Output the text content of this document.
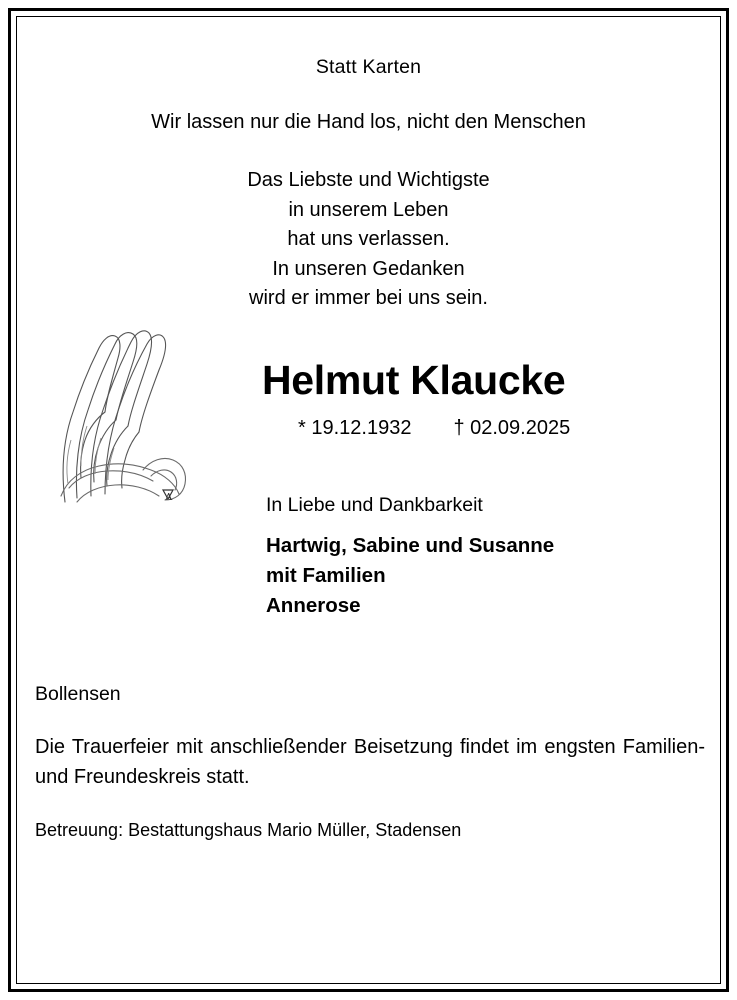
Statt Karten
Wir lassen nur die Hand los, nicht den Menschen
Das Liebste und Wichtigste
in unserem Leben
hat uns verlassen.
In unseren Gedanken
wird er immer bei uns sein.
ᴀ
Helmut Klaucke
* 19.12.1932 † 02.09.2025
In Liebe und Dankbarkeit
Hartwig, Sabine und Susanne
mit Familien
Annerose
Bollensen
Die Trauerfeier mit anschließender Beisetzung findet im engsten Familien- und Freundeskreis statt.
Betreuung: Bestattungshaus Mario Müller, Stadensen
